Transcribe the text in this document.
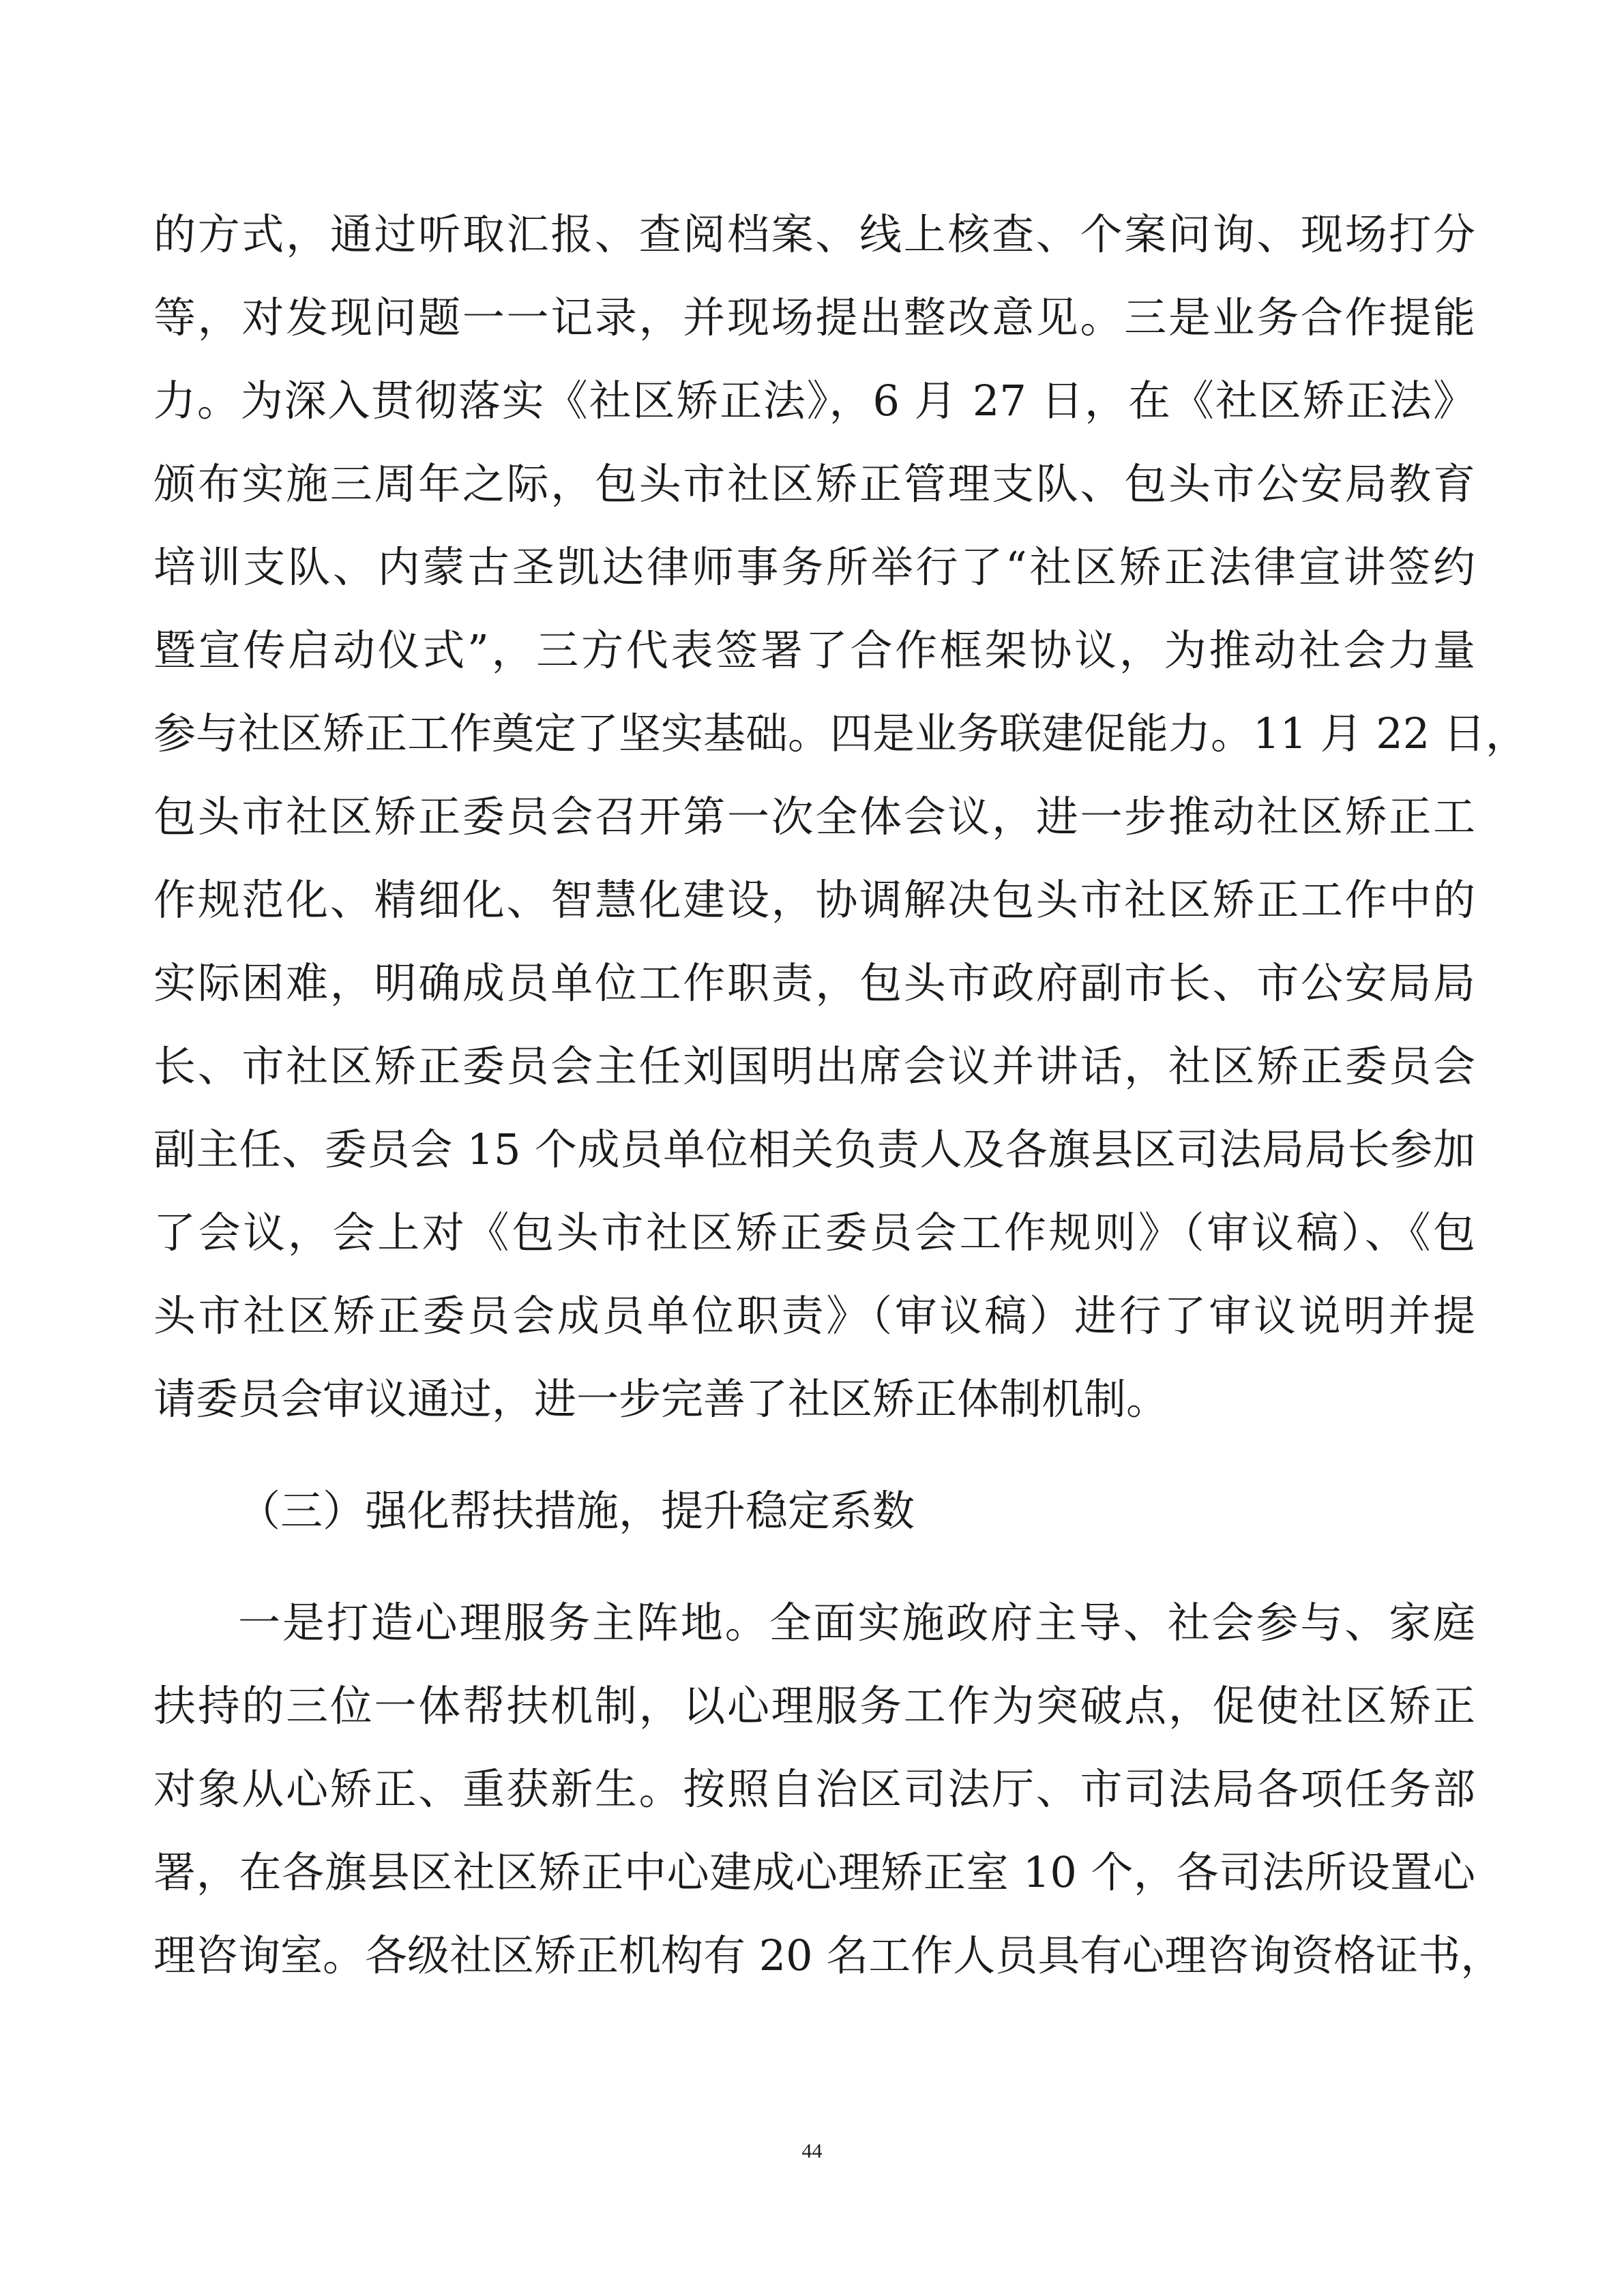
的方式，通过听取汇报、查阅档案、线上核查、个案问询、现场打分
等，对发现问题一一记录，并现场提出整改意见。三是业务合作提能
力。为深入贯彻落实《社区矫正法》，6 月 27 日，在《社区矫正法》
颁布实施三周年之际，包头市社区矫正管理支队、包头市公安局教育
培训支队、内蒙古圣凯达律师事务所举行了“社区矫正法律宣讲签约
暨宣传启动仪式”，三方代表签署了合作框架协议，为推动社会力量
参与社区矫正工作奠定了坚实基础。四是业务联建促能力。11 月 22 日，
包头市社区矫正委员会召开第一次全体会议，进一步推动社区矫正工
作规范化、精细化、智慧化建设，协调解决包头市社区矫正工作中的
实际困难，明确成员单位工作职责，包头市政府副市长、市公安局局
长、市社区矫正委员会主任刘国明出席会议并讲话，社区矫正委员会
副主任、委员会 15 个成员单位相关负责人及各旗县区司法局局长参加
了会议，会上对《包头市社区矫正委员会工作规则》（审议稿）、《包
头市社区矫正委员会成员单位职责》（审议稿）进行了审议说明并提
请委员会审议通过，进一步完善了社区矫正体制机制。
（三）强化帮扶措施，提升稳定系数
一是打造心理服务主阵地。全面实施政府主导、社会参与、家庭
扶持的三位一体帮扶机制，以心理服务工作为突破点，促使社区矫正
对象从心矫正、重获新生。按照自治区司法厅、市司法局各项任务部
署，在各旗县区社区矫正中心建成心理矫正室 10 个，各司法所设置心
理咨询室。各级社区矫正机构有 20 名工作人员具有心理咨询资格证书，
44
